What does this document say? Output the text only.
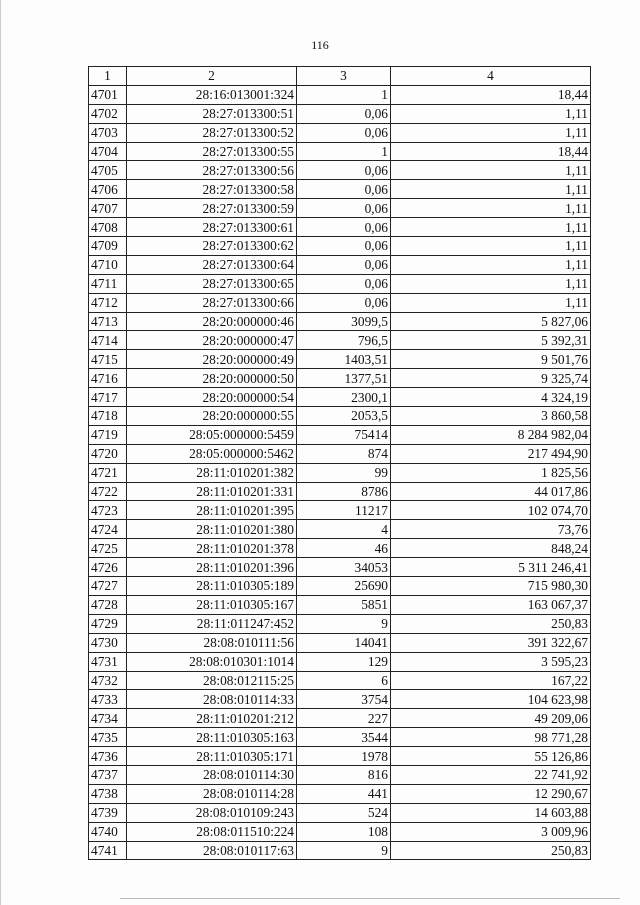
116
1	2	3	4
4701	28:16:013001:324	1	18,44
4702	28:27:013300:51	0,06	1,11
4703	28:27:013300:52	0,06	1,11
4704	28:27:013300:55	1	18,44
4705	28:27:013300:56	0,06	1,11
4706	28:27:013300:58	0,06	1,11
4707	28:27:013300:59	0,06	1,11
4708	28:27:013300:61	0,06	1,11
4709	28:27:013300:62	0,06	1,11
4710	28:27:013300:64	0,06	1,11
4711	28:27:013300:65	0,06	1,11
4712	28:27:013300:66	0,06	1,11
4713	28:20:000000:46	3099,5	5 827,06
4714	28:20:000000:47	796,5	5 392,31
4715	28:20:000000:49	1403,51	9 501,76
4716	28:20:000000:50	1377,51	9 325,74
4717	28:20:000000:54	2300,1	4 324,19
4718	28:20:000000:55	2053,5	3 860,58
4719	28:05:000000:5459	75414	8 284 982,04
4720	28:05:000000:5462	874	217 494,90
4721	28:11:010201:382	99	1 825,56
4722	28:11:010201:331	8786	44 017,86
4723	28:11:010201:395	11217	102 074,70
4724	28:11:010201:380	4	73,76
4725	28:11:010201:378	46	848,24
4726	28:11:010201:396	34053	5 311 246,41
4727	28:11:010305:189	25690	715 980,30
4728	28:11:010305:167	5851	163 067,37
4729	28:11:011247:452	9	250,83
4730	28:08:010111:56	14041	391 322,67
4731	28:08:010301:1014	129	3 595,23
4732	28:08:012115:25	6	167,22
4733	28:08:010114:33	3754	104 623,98
4734	28:11:010201:212	227	49 209,06
4735	28:11:010305:163	3544	98 771,28
4736	28:11:010305:171	1978	55 126,86
4737	28:08:010114:30	816	22 741,92
4738	28:08:010114:28	441	12 290,67
4739	28:08:010109:243	524	14 603,88
4740	28:08:011510:224	108	3 009,96
4741	28:08:010117:63	9	250,83
